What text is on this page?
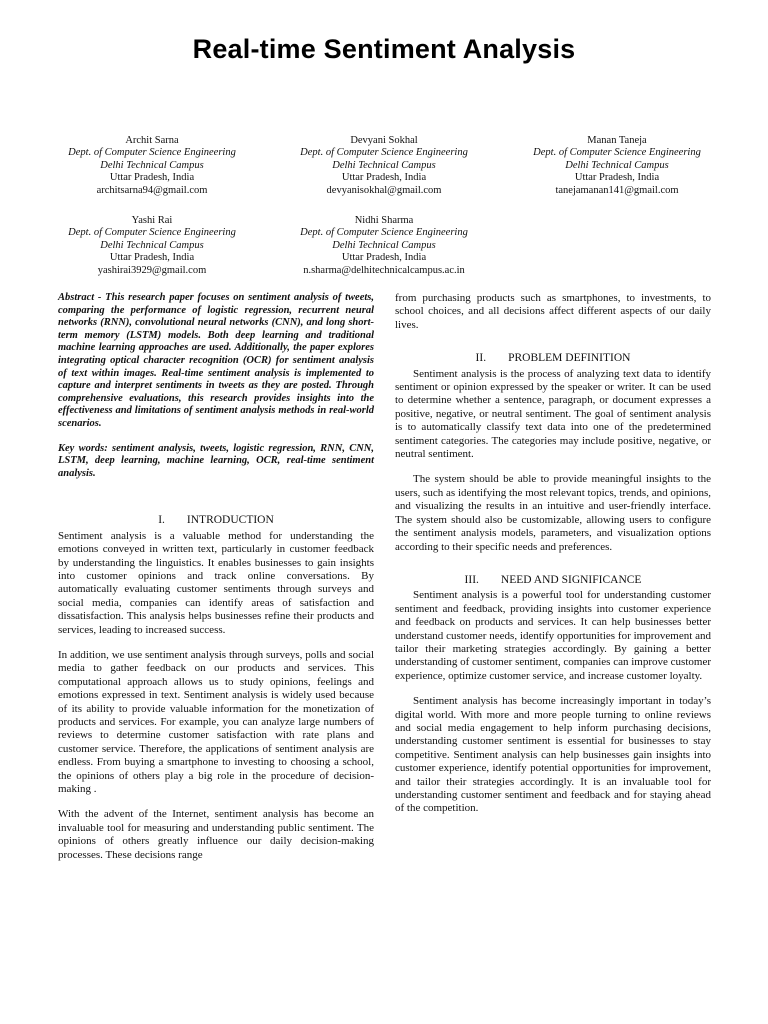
Real-time Sentiment Analysis
Archit Sarna
Dept. of Computer Science Engineering
Delhi Technical Campus
Uttar Pradesh, India
architsarna94@gmail.com
Devyani Sokhal
Dept. of Computer Science Engineering
Delhi Technical Campus
Uttar Pradesh, India
devyanisokhal@gmail.com
Manan Taneja
Dept. of Computer Science Engineering
Delhi Technical Campus
Uttar Pradesh, India
tanejamanan141@gmail.com
Yashi Rai
Dept. of Computer Science Engineering
Delhi Technical Campus
Uttar Pradesh, India
yashirai3929@gmail.com
Nidhi Sharma
Dept. of Computer Science Engineering
Delhi Technical Campus
Uttar Pradesh, India
n.sharma@delhitechnicalcampus.ac.in

Abstract - This research paper focuses on sentiment analysis of tweets, comparing the performance of logistic regression, recurrent neural networks (RNN), convolutional neural networks (CNN), and long short-term memory (LSTM) models. Both deep learning and traditional machine learning approaches are used. Additionally, the paper explores integrating optical character recognition (OCR) for sentiment analysis of text within images. Real-time sentiment analysis is implemented to capture and interpret sentiments in tweets as they are posted. Through comprehensive evaluations, this research provides insights into the effectiveness and limitations of sentiment analysis methods in real-world scenarios.

Key words: sentiment analysis, tweets, logistic regression, RNN, CNN, LSTM, deep learning, machine learning, OCR, real-time sentiment analysis.

I. INTRODUCTION

Sentiment analysis is a valuable method for understanding the emotions conveyed in written text, particularly in customer feedback by understanding the linguistics. It enables businesses to gain insights into customer opinions and track online conversations. By automatically evaluating customer sentiments through surveys and social media, companies can identify areas of satisfaction and dissatisfaction. This analysis helps businesses refine their products and services, leading to increased success.

In addition, we use sentiment analysis through surveys, polls and social media to gather feedback on our products and services. This computational approach allows us to study opinions, feelings and emotions expressed in text. Sentiment analysis is widely used because of its ability to provide valuable information for the monetization of products and services. For example, you can analyze large numbers of reviews to determine customer satisfaction with rate plans and customer service. Therefore, the applications of sentiment analysis are endless. From buying a smartphone to investing to choosing a school, the opinions of others play a big role in the procedure of decision-making .

With the advent of the Internet, sentiment analysis has become an invaluable tool for measuring and understanding public sentiment. The opinions of others greatly influence our daily decision-making processes. These decisions range

from purchasing products such as smartphones, to investments, to school choices, and all decisions affect different aspects of our daily lives.

II. PROBLEM DEFINITION

Sentiment analysis is the process of analyzing text data to identify sentiment or opinion expressed by the speaker or writer. It can be used to determine whether a sentence, paragraph, or document expresses a positive, negative, or neutral sentiment. The goal of sentiment analysis is to automatically classify text data into one of the predetermined sentiment categories. The categories may include positive, negative, or neutral sentiment.

The system should be able to provide meaningful insights to the users, such as identifying the most relevant topics, trends, and opinions, and visualizing the results in an intuitive and user-friendly interface. The system should also be customizable, allowing users to configure the sentiment analysis models, parameters, and visualization options according to their specific needs and preferences.

III. NEED AND SIGNIFICANCE

Sentiment analysis is a powerful tool for understanding customer sentiment and feedback, providing insights into customer experience and feedback on products and services. It can help businesses better understand customer needs, identify opportunities for improvement and tailor their marketing strategies accordingly. By gaining a better understanding of customer sentiment, companies can improve customer experience, optimize customer service, and increase customer loyalty.

Sentiment analysis has become increasingly important in today’s digital world. With more and more people turning to online reviews and social media engagement to help inform purchasing decisions, understanding customer sentiment is essential for businesses to stay competitive. Sentiment analysis can help businesses gain insights into customer experience, identify potential opportunities for improvement, and tailor their strategies accordingly. It is an invaluable tool for understanding customer sentiment and feedback and for staying ahead of the competition.
